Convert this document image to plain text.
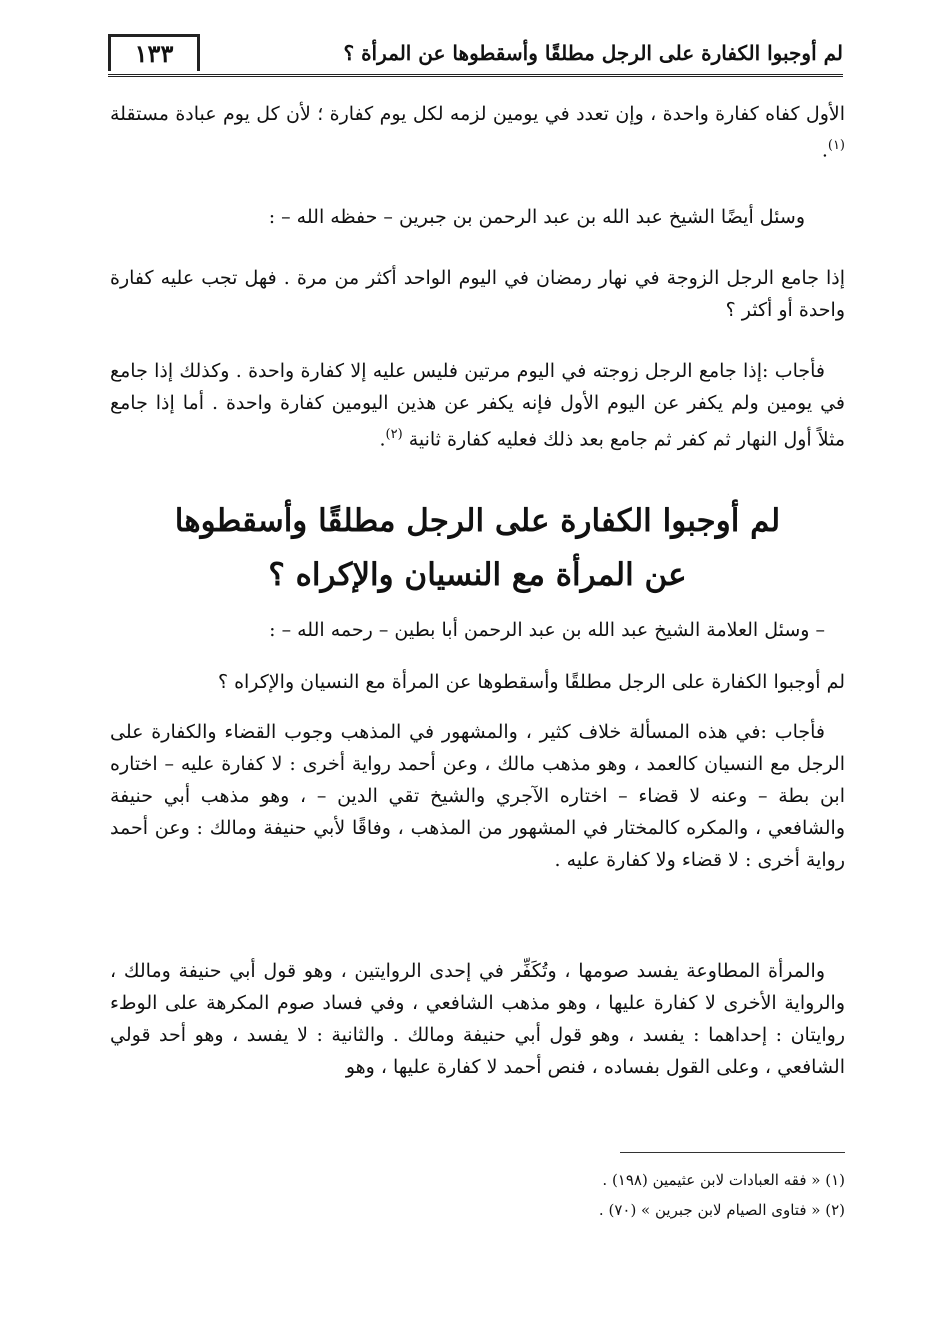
١٣٣	لم أوجبوا الكفارة على الرجل مطلقًا وأسقطوها عن المرأة ؟

الأول كفاه كفارة واحدة ، وإن تعدد في يومين لزمه لكل يوم كفارة ؛ لأن كل يوم عبادة مستقلة $^{(١)}$.

وسئل أيضًا الشيخ عبد الله بن عبد الرحمن بن جبرين – حفظه الله – :

إذا جامع الرجل الزوجة في نهار رمضان في اليوم الواحد أكثر من مرة . فهل تجب عليه كفارة واحدة أو أكثر ؟

فأجاب :إذا جامع الرجل زوجته في اليوم مرتين فليس عليه إلا كفارة واحدة . وكذلك إذا جامع في يومين ولم يكفر عن اليوم الأول فإنه يكفر عن هذين اليومين كفارة واحدة . أما إذا جامع مثلاً أول النهار ثم كفر ثم جامع بعد ذلك فعليه كفارة ثانية $^{(٢)}$.

لم أوجبوا الكفارة على الرجل مطلقًا وأسقطوها
عن المرأة مع النسيان والإكراه ؟

– وسئل العلامة الشيخ عبد الله بن عبد الرحمن أبا بطين – رحمه الله – :

لم أوجبوا الكفارة على الرجل مطلقًا وأسقطوها عن المرأة مع النسيان والإكراه ؟

فأجاب :في هذه المسألة خلاف كثير ، والمشهور في المذهب وجوب القضاء والكفارة على الرجل مع النسيان كالعمد ، وهو مذهب مالك ، وعن أحمد رواية أخرى : لا كفارة عليه – اختاره ابن بطة – وعنه لا قضاء – اختاره الآجري والشيخ تقي الدين – ، وهو مذهب أبي حنيفة والشافعي ، والمكره كالمختار في المشهور من المذهب ، وفاقًا لأبي حنيفة ومالك : وعن أحمد رواية أخرى : لا قضاء ولا كفارة عليه .

والمرأة المطاوعة يفسد صومها ، وتُكَفِّر في إحدى الروايتين ، وهو قول أبي حنيفة ومالك ، والرواية الأخرى لا كفارة عليها ، وهو مذهب الشافعي ، وفي فساد صوم المكرهة على الوطء روايتان : إحداهما : يفسد ، وهو قول أبي حنيفة ومالك . والثانية : لا يفسد ، وهو أحد قولي الشافعي ، وعلى القول بفساده ، فنص أحمد لا كفارة عليها ، وهو

(١) « فقه العبادات لابن عثيمين (١٩٨) .

(٢) « فتاوى الصيام لابن جبرين » (٧٠) .
